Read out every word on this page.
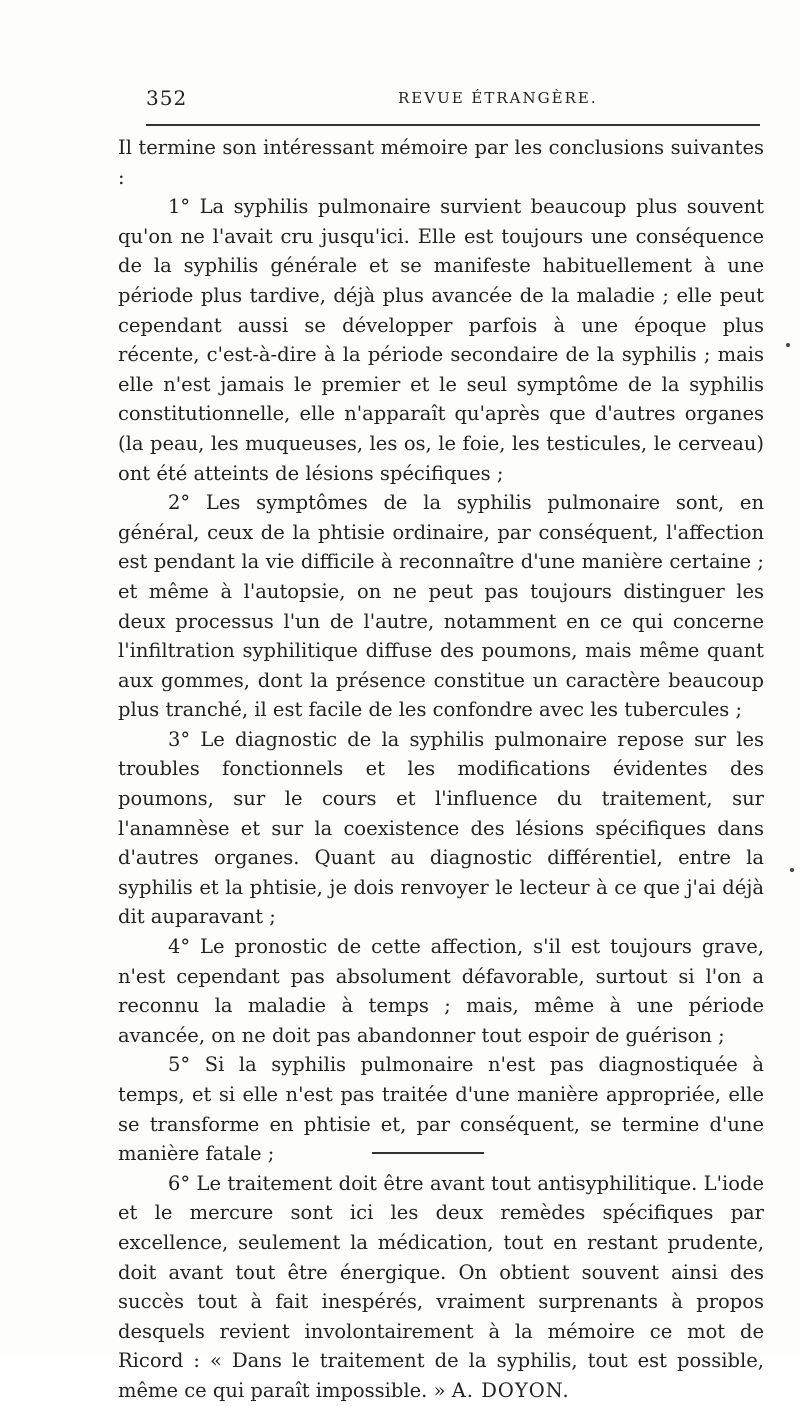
352	REVUE ÉTRANGÈRE.

Il termine son intéressant mémoire par les conclusions suivantes :

1° La syphilis pulmonaire survient beaucoup plus souvent qu'on ne l'avait cru jusqu'ici. Elle est toujours une conséquence de la syphilis générale et se manifeste habituellement à une période plus tardive, déjà plus avancée de la maladie ; elle peut cependant aussi se développer parfois à une époque plus récente, c'est-à-dire à la période secondaire de la syphilis ; mais elle n'est jamais le premier et le seul symptôme de la syphilis constitutionnelle, elle n'apparaît qu'après que d'autres organes (la peau, les muqueuses, les os, le foie, les testicules, le cerveau) ont été atteints de lésions spécifiques ;

2° Les symptômes de la syphilis pulmonaire sont, en général, ceux de la phtisie ordinaire, par conséquent, l'affection est pendant la vie difficile à reconnaître d'une manière certaine ; et même à l'autopsie, on ne peut pas toujours distinguer les deux processus l'un de l'autre, notamment en ce qui concerne l'infiltration syphilitique diffuse des poumons, mais même quant aux gommes, dont la présence constitue un caractère beaucoup plus tranché, il est facile de les confondre avec les tubercules ;

3° Le diagnostic de la syphilis pulmonaire repose sur les troubles fonctionnels et les modifications évidentes des poumons, sur le cours et l'influence du traitement, sur l'anamnèse et sur la coexistence des lésions spécifiques dans d'autres organes. Quant au diagnostic différentiel, entre la syphilis et la phtisie, je dois renvoyer le lecteur à ce que j'ai déjà dit auparavant ;

4° Le pronostic de cette affection, s'il est toujours grave, n'est cependant pas absolument défavorable, surtout si l'on a reconnu la maladie à temps ; mais, même à une période avancée, on ne doit pas abandonner tout espoir de guérison ;

5° Si la syphilis pulmonaire n'est pas diagnostiquée à temps, et si elle n'est pas traitée d'une manière appropriée, elle se transforme en phtisie et, par conséquent, se termine d'une manière fatale ;

6° Le traitement doit être avant tout antisyphilitique. L'iode et le mercure sont ici les deux remèdes spécifiques par excellence, seulement la médication, tout en restant prudente, doit avant tout être énergique. On obtient souvent ainsi des succès tout à fait inespérés, vraiment surprenants à propos desquels revient involontairement à la mémoire ce mot de Ricord : « Dans le traitement de la syphilis, tout est possible, même ce qui paraît impossible. » A. DOYON.
